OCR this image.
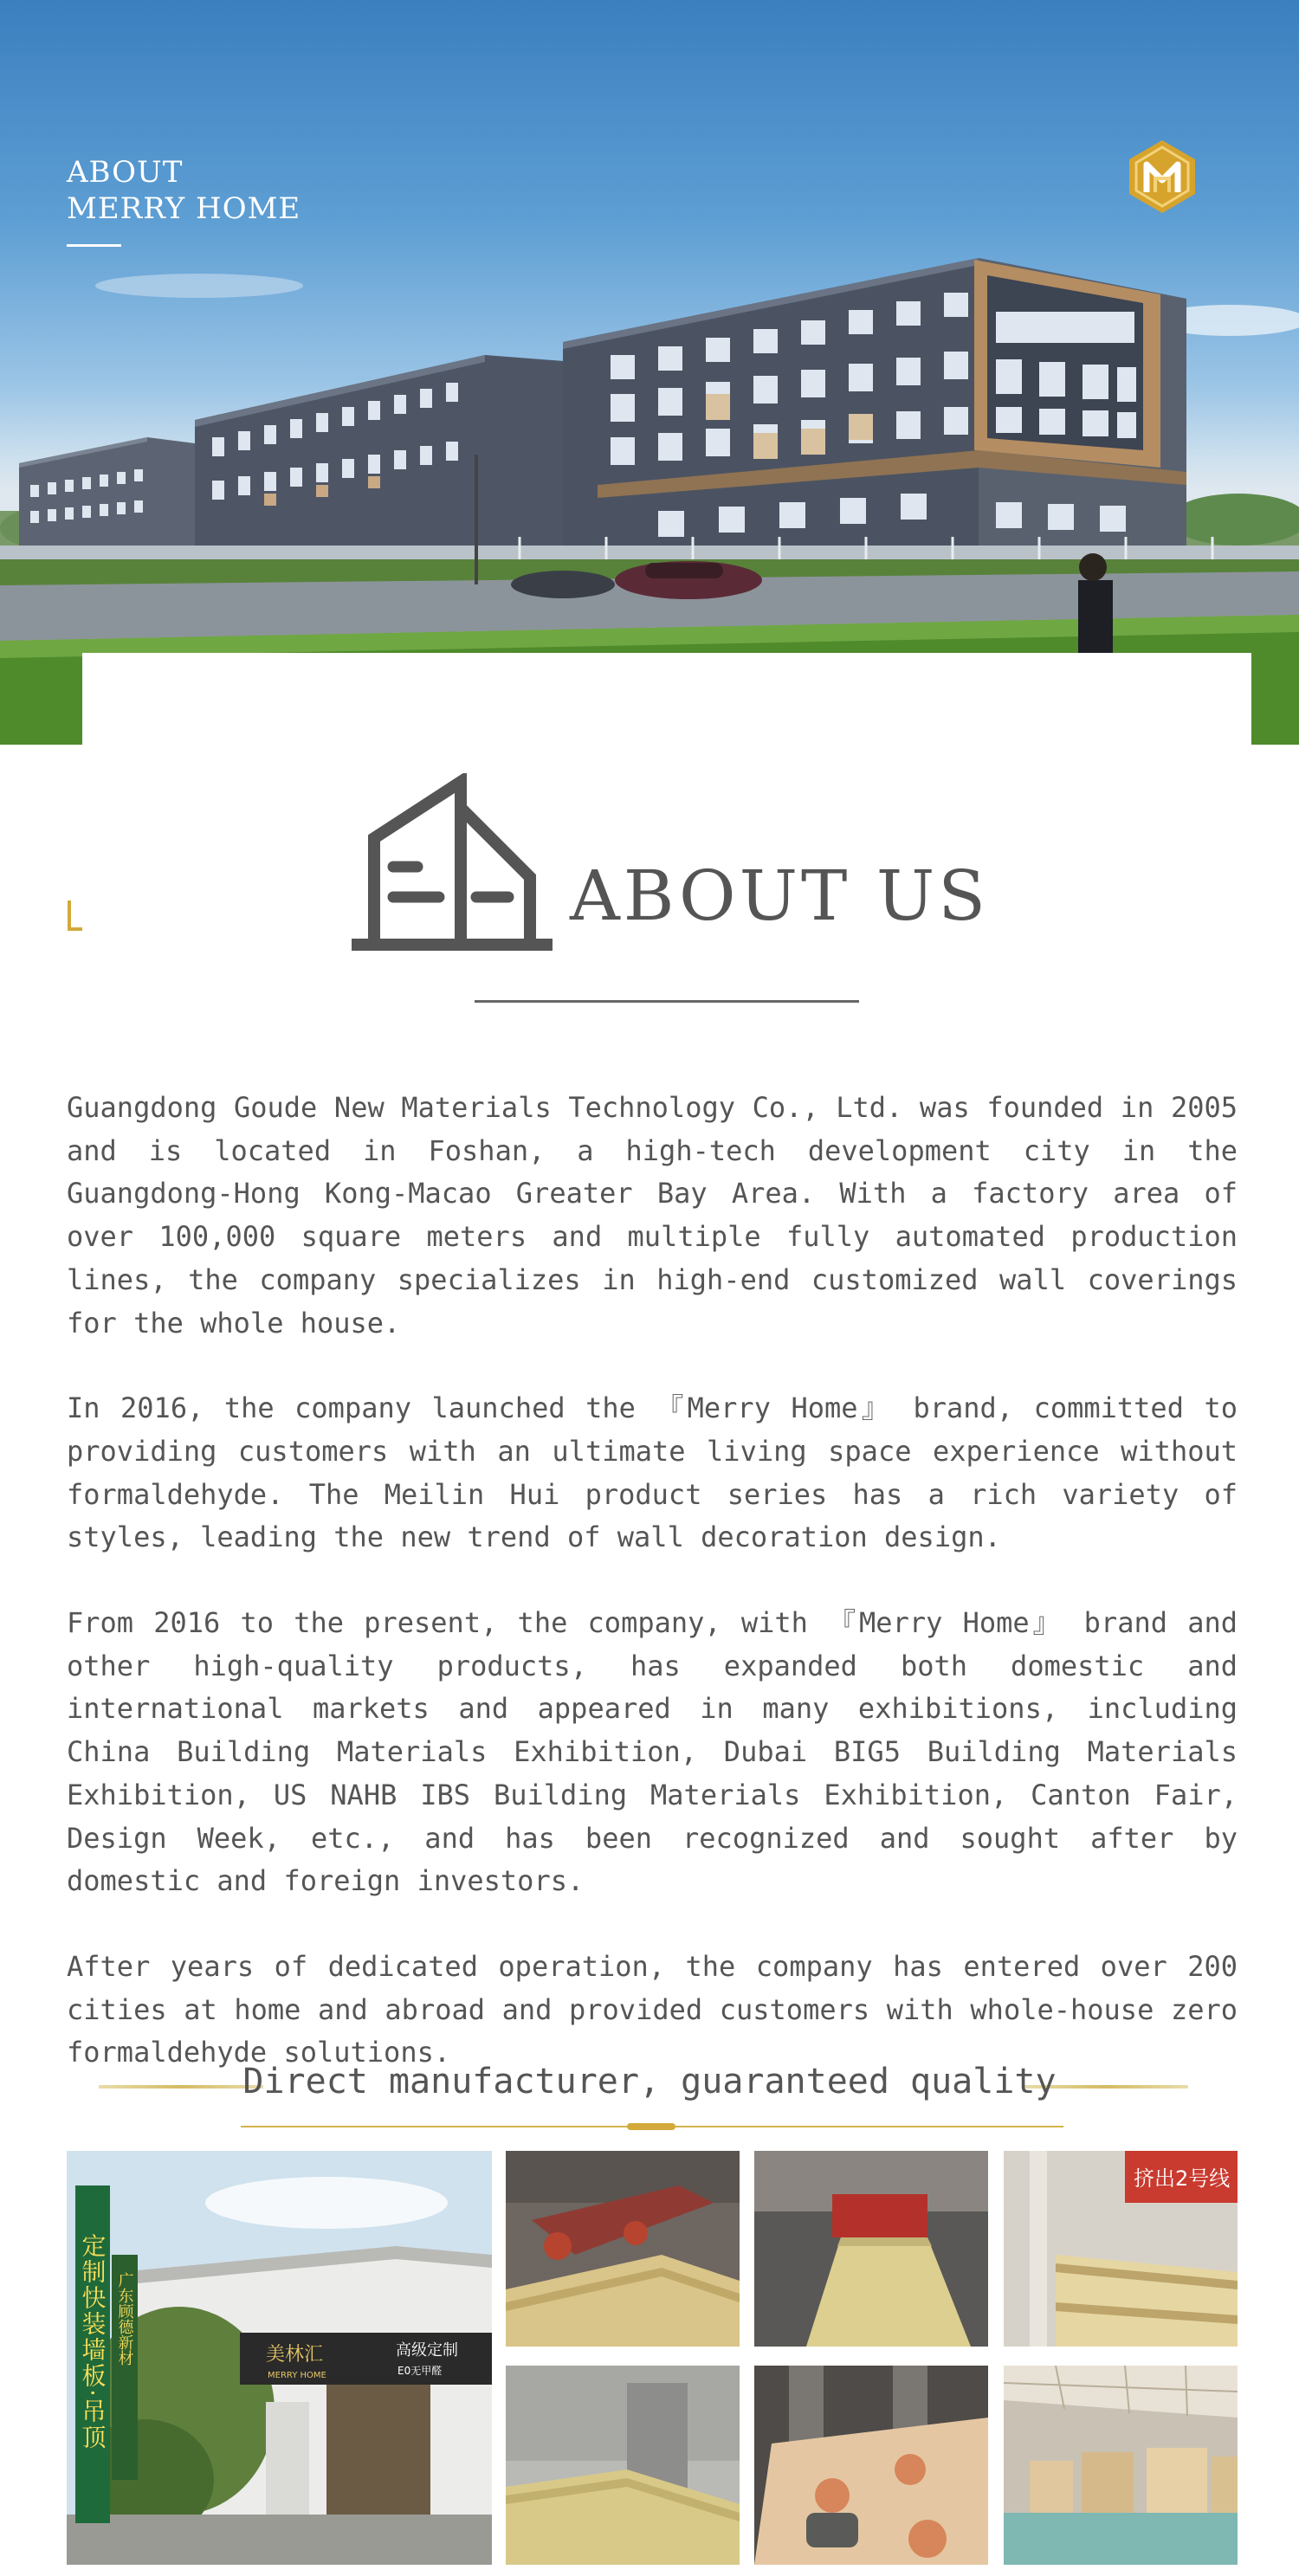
ABOUT
MERRY HOME
ABOUT US

Guangdong Goude New Materials Technology Co., Ltd. was founded in 2005 and is located in Foshan, a high-tech development city in the Guangdong-Hong Kong-Macao Greater Bay Area. With a factory area of over 100,000 square meters and multiple fully automated production lines, the company specializes in high-end customized wall coverings for the whole house.

In 2016, the company launched the 『Merry Home』 brand, committed to providing customers with an ultimate living space experience without formaldehyde. The Meilin Hui product series has a rich variety of styles, leading the new trend of wall decoration design.

From 2016 to the present, the company, with 『Merry Home』 brand and other high-quality products, has expanded both domestic and international markets and appeared in many exhibitions, including China Building Materials Exhibition, Dubai BIG5 Building Materials Exhibition, US NAHB IBS Building Materials Exhibition, Canton Fair, Design Week, etc., and has been recognized and sought after by domestic and foreign investors.

After years of dedicated operation, the company has entered over 200 cities at home and abroad and provided customers with whole-house zero formaldehyde solutions.

Direct manufacturer, guaranteed quality
定制快装墙板·吊顶 广东顾德新材	美林汇
MERRY HOME
高级定制
E0无甲醛
挤出2号线
